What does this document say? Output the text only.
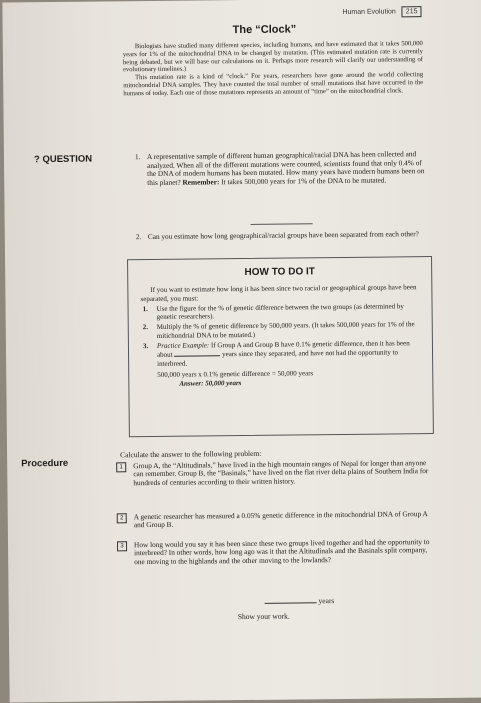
Human Evolution	215
The “Clock”

Biologists have studied many different species, including humans, and have estimated that it takes 500,000 years for 1% of the mitochondrial DNA to be changed by mutation. (This estimated mutation rate is currently being debated, but we will base our calculations on it. Perhaps more research will clarify our understanding of evolutionary timelines.)

This mutation rate is a kind of “clock.” For years, researchers have gone around the world collecting mitochondrial DNA samples. They have counted the total number of small mutations that have occurred in the humans of today. Each one of those mutations represents an amount of “time” on the mitochondrial clock.

? QUESTION	1. A representative sample of different human geographical/racial DNA has been collected and analyzed. When all of the different mutations were counted, scientists found that only 0.4% of the DNA of modern humans has been mutated. How many years have modern humans been on this planet? Remember: It takes 500,000 years for 1% of the DNA to be mutated.
2. Can you estimate how long geographical/racial groups have been separated from each other?
HOW TO DO IT
If you want to estimate how long it has been since two racial or geographical groups have been separated, you must:
1. Use the figure for the % of genetic difference between the two groups (as determined by genetic researchers).
2. Multiply the % of genetic difference by 500,000 years. (It takes 500,000 years for 1% of the mitichondrial DNA to be mutated.)
3. Practice Example: If Group A and Group B have 0.1% genetic difference, then it has been about	years since they separated, and have not had the opportunity to interbreed.
500,000 years x 0.1% genetic difference = 50,000 years
Answer: 50,000 years
Procedure
Calculate the answer to the following problem:
1	Group A, the “Altitudinals,” have lived in the high mountain ranges of Nepal for longer than anyone can remember. Group B, the “Basinals,” have lived on the flat river delta plains of Southern India for hundreds of centuries according to their written history.
2	A genetic researcher has measured a 0.05% genetic difference in the mitochondrial DNA of Group A and Group B.
3	How long would you say it has been since these two groups lived together and had the opportunity to interbreed? In other words, how long ago was it that the Altitudinals and the Basinals split company, one moving to the highlands and the other moving to the lowlands?
years
Show your work.
